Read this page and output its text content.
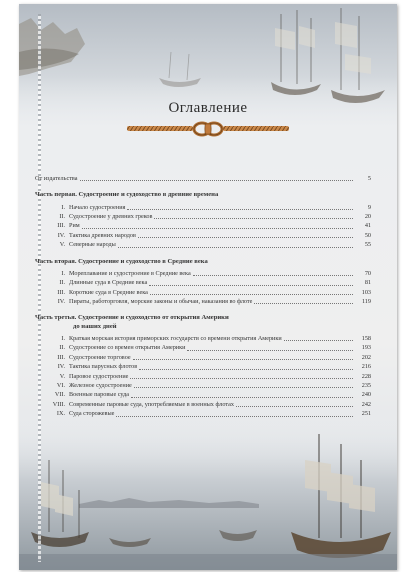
Оглавление
От издательства	5
Часть первая. Судостроение и судоходство в древние времена
I. Начало судостроения	9
II. Судостроение у древних греков	20
III. Рим	41
IV. Тактика древних народов	50
V. Северные народы	55
Часть вторая. Судостроение и судоходство в Средние века
I. Мореплавание и судостроение в Средние века	70
II. Длинные суда в Средние века	81
III. Короткие суда в Средние века	103
IV. Пираты, работорговля, морские законы и обычаи, наказания во флоте	119
Часть третья. Судостроение и судоходство от открытия Америки
до наших дней
I. Краткая морская история приморских государств со времени открытия Америки	158
II. Судостроение со времен открытия Америки	193
III. Судостроение торговое	202
IV. Тактика парусных флотов	216
V. Паровое судостроение	228
VI. Железное судостроение	235
VII. Военные паровые суда	240
VIII. Современные паровые суда, употребляемые в военных флотах	242
IX. Суда сторожевые	251
